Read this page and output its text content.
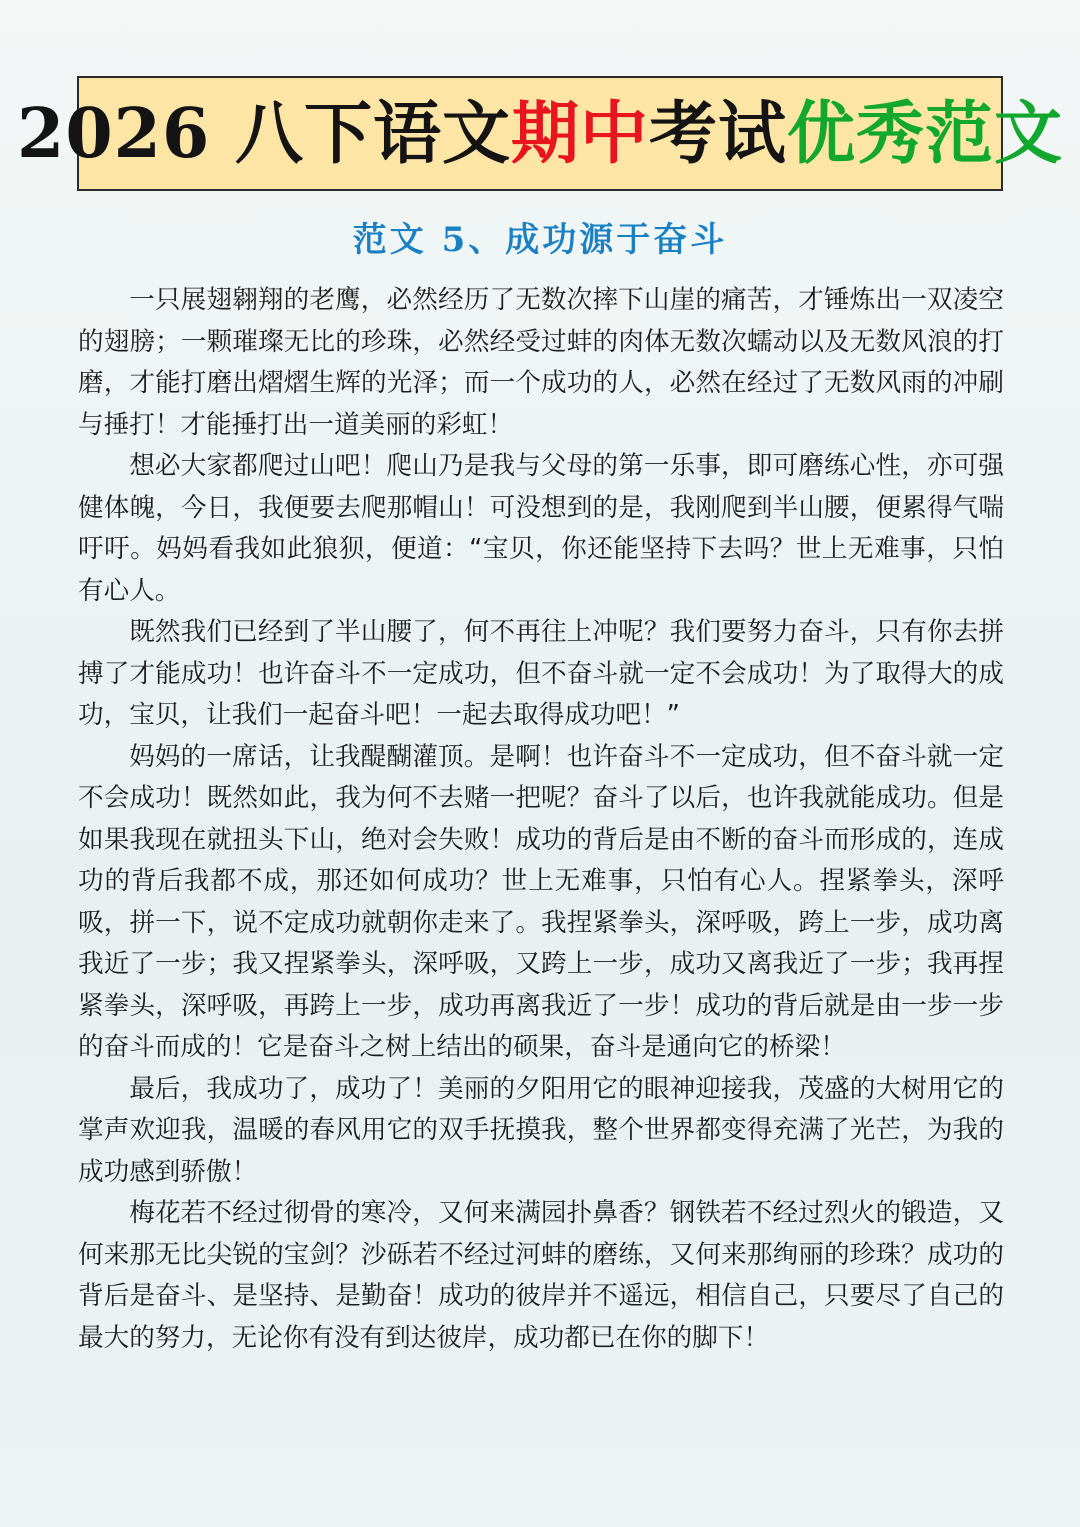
2026 八下语文 期中 考试 优秀范文
范文 5、成功源于奋斗

一只展翅翱翔的老鹰，必然经历了无数次摔下山崖的痛苦，才锤炼出一双凌空的翅膀；一颗璀璨无比的珍珠，必然经受过蚌的肉体无数次蠕动以及无数风浪的打磨，才能打磨出熠熠生辉的光泽；而一个成功的人，必然在经过了无数风雨的冲刷与捶打！才能捶打出一道美丽的彩虹！

想必大家都爬过山吧！爬山乃是我与父母的第一乐事，即可磨练心性，亦可强健体魄，今日，我便要去爬那帽山！可没想到的是，我刚爬到半山腰，便累得气喘吁吁。妈妈看我如此狼狈，便道：“宝贝，你还能坚持下去吗？世上无难事，只怕有心人。

既然我们已经到了半山腰了，何不再往上冲呢？我们要努力奋斗，只有你去拼搏了才能成功！也许奋斗不一定成功，但不奋斗就一定不会成功！为了取得大的成功，宝贝，让我们一起奋斗吧！一起去取得成功吧！”

妈妈的一席话，让我醍醐灌顶。是啊！也许奋斗不一定成功，但不奋斗就一定不会成功！既然如此，我为何不去赌一把呢？奋斗了以后，也许我就能成功。但是如果我现在就扭头下山，绝对会失败！成功的背后是由不断的奋斗而形成的，连成功的背后我都不成，那还如何成功？世上无难事，只怕有心人。捏紧拳头，深呼吸，拼一下，说不定成功就朝你走来了。我捏紧拳头，深呼吸，跨上一步，成功离我近了一步；我又捏紧拳头，深呼吸，又跨上一步，成功又离我近了一步；我再捏紧拳头，深呼吸，再跨上一步，成功再离我近了一步！成功的背后就是由一步一步的奋斗而成的！它是奋斗之树上结出的硕果，奋斗是通向它的桥梁！

最后，我成功了，成功了！美丽的夕阳用它的眼神迎接我，茂盛的大树用它的掌声欢迎我，温暖的春风用它的双手抚摸我，整个世界都变得充满了光芒，为我的成功感到骄傲！

梅花若不经过彻骨的寒冷，又何来满园扑鼻香？钢铁若不经过烈火的锻造，又何来那无比尖锐的宝剑？沙砾若不经过河蚌的磨练，又何来那绚丽的珍珠？成功的背后是奋斗、是坚持、是勤奋！成功的彼岸并不遥远，相信自己，只要尽了自己的最大的努力，无论你有没有到达彼岸，成功都已在你的脚下！
